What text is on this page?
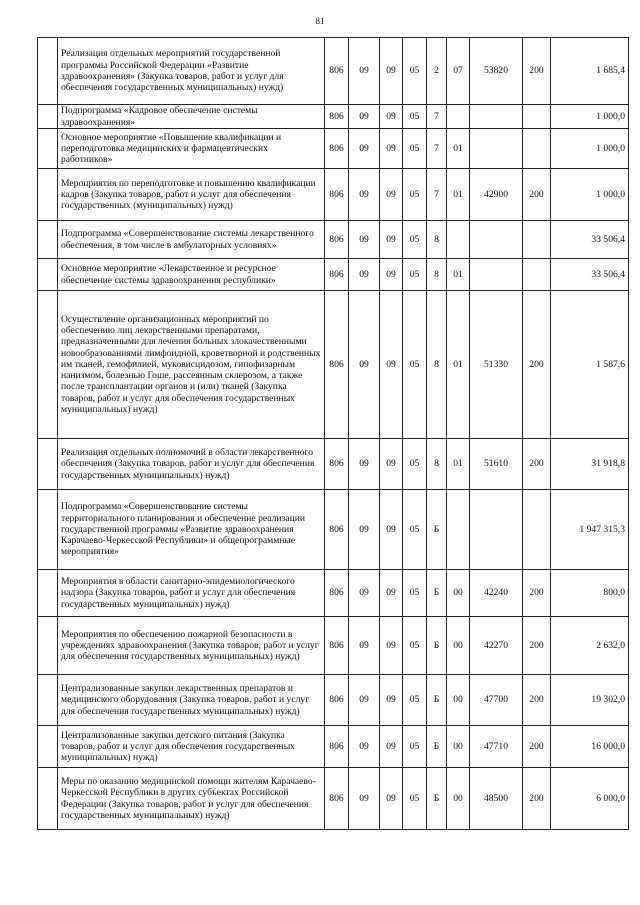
81
	Реализация отдельных мероприятий государственной программы Российской Федерации «Развитие здравоохранения» (Закупка товаров, работ и услуг для обеспечения государственных муниципальных) нужд)	806	09	09	05	2	07	53820	200	1 685,4
	Подпрограмма «Кадровое обеспечение системы здравоохранения»	806	09	09	05	7				1 000,0
	Основное мероприятие «Повышение квалификации и переподготовка медицинских и фармацевтических работников»	806	09	09	05	7	01			1 000,0
	Мероприятия по переподготовке и повышению квалификации кадров (Закупка товаров, работ и услуг для обеспечения государственных (муниципальных) нужд)	806	09	09	05	7	01	42900	200	1 000,0
	Подпрограмма «Совершенствование системы лекарственного обеспечения, в том числе в амбулаторных условиях»	806	09	09	05	8				33 506,4
	Основное мероприятие «Лекарственное и ресурсное обеспечение системы здравоохранения республики»	806	09	09	05	8	01			33 506,4
	Осуществление организационных мероприятий по обеспечению лиц лекарственными препаратами, предназначенными для лечения больных злокачественными новообразованиями лимфоидной, кроветворной и родственных им тканей, гемофилией, муковисцидозом, гипофизарным нанизмом, болезнью Гоше, рассеянным склерозом, а также после трансплантации органов и (или) тканей (Закупка товаров, работ и услуг для обеспечения государственных муниципальных) нужд)	806	09	09	05	8	01	51330	200	1 587,6
	Реализация отдельных полномочий в области лекарственного обеспечения (Закупка товаров, работ и услуг для обеспечения государственных муниципальных) нужд)	806	09	09	05	8	01	51610	200	31 918,8
	Подпрограмма «Совершенствование системы территориального планирования и обеспечение реализации государственной программы «Развитие здравоохранения Карачаево-Черкесской Республики» и общепрограммные мероприятия»	806	09	09	05	Б				1 947 315,3
	Мероприятия в области санитарно-эпидемиологического надзора (Закупка товаров, работ и услуг для обеспечения государственных муниципальных) нужд)	806	09	09	05	Б	00	42240	200	800,0
	Мероприятия по обеспечению пожарной безопасности в учреждениях здравоохранения (Закупка товаров, работ и услуг для обеспечения государственных муниципальных) нужд)	806	09	09	05	Б	00	42270	200	2 632,0
	Централизованные закупки лекарственных препаратов и медицинского оборудования (Закупка товаров, работ и услуг для обеспечения государственных муниципальных) нужд)	806	09	09	05	Б	00	47700	200	19 302,0
	Централизованные закупки детского питания (Закупка товаров, работ и услуг для обеспечения государственных муниципальных) нужд)	806	09	09	05	Б	00	47710	200	16 000,0
	Меры по оказанию медицинской помощи жителям Карачаево-Черкесской Республики в других субъектах Российской Федерации (Закупка товаров, работ и услуг для обеспечения государственных муниципальных) нужд)	806	09	09	05	Б	00	48500	200	6 000,0
